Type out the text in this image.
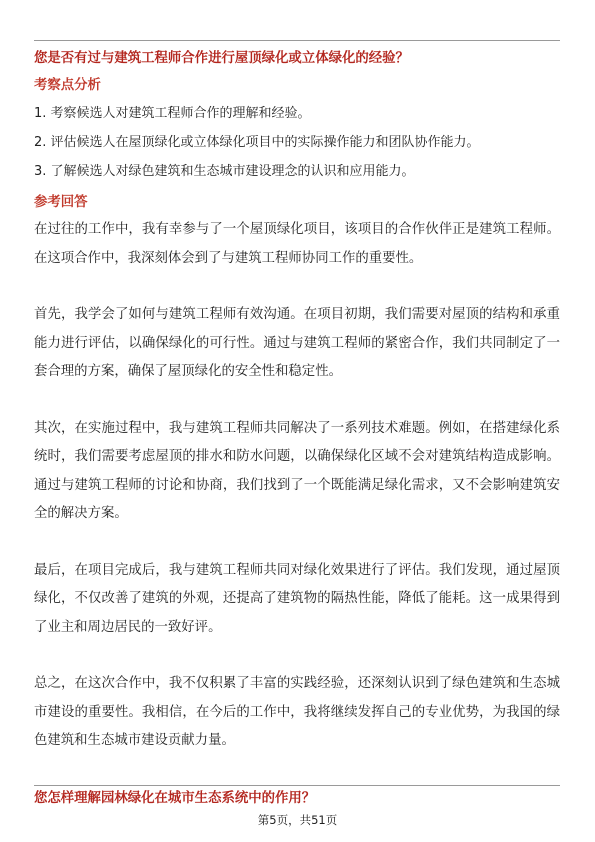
您是否有过与建筑工程师合作进行屋顶绿化或立体绿化的经验？
考察点分析
1. 考察候选人对建筑工程师合作的理解和经验。
2. 评估候选人在屋顶绿化或立体绿化项目中的实际操作能力和团队协作能力。
3. 了解候选人对绿色建筑和生态城市建设理念的认识和应用能力。
参考回答

在过往的工作中，我有幸参与了一个屋顶绿化项目，该项目的合作伙伴正是建筑工程师。在这项合作中，我深刻体会到了与建筑工程师协同工作的重要性。

首先，我学会了如何与建筑工程师有效沟通。在项目初期，我们需要对屋顶的结构和承重能力进行评估，以确保绿化的可行性。通过与建筑工程师的紧密合作，我们共同制定了一套合理的方案，确保了屋顶绿化的安全性和稳定性。

其次，在实施过程中，我与建筑工程师共同解决了一系列技术难题。例如，在搭建绿化系统时，我们需要考虑屋顶的排水和防水问题，以确保绿化区域不会对建筑结构造成影响。通过与建筑工程师的讨论和协商，我们找到了一个既能满足绿化需求，又不会影响建筑安全的解决方案。

最后，在项目完成后，我与建筑工程师共同对绿化效果进行了评估。我们发现，通过屋顶绿化，不仅改善了建筑的外观，还提高了建筑物的隔热性能，降低了能耗。这一成果得到了业主和周边居民的一致好评。

总之，在这次合作中，我不仅积累了丰富的实践经验，还深刻认识到了绿色建筑和生态城市建设的重要性。我相信，在今后的工作中，我将继续发挥自己的专业优势，为我国的绿色建筑和生态城市建设贡献力量。

您怎样理解园林绿化在城市生态系统中的作用？
第5页，共51页
